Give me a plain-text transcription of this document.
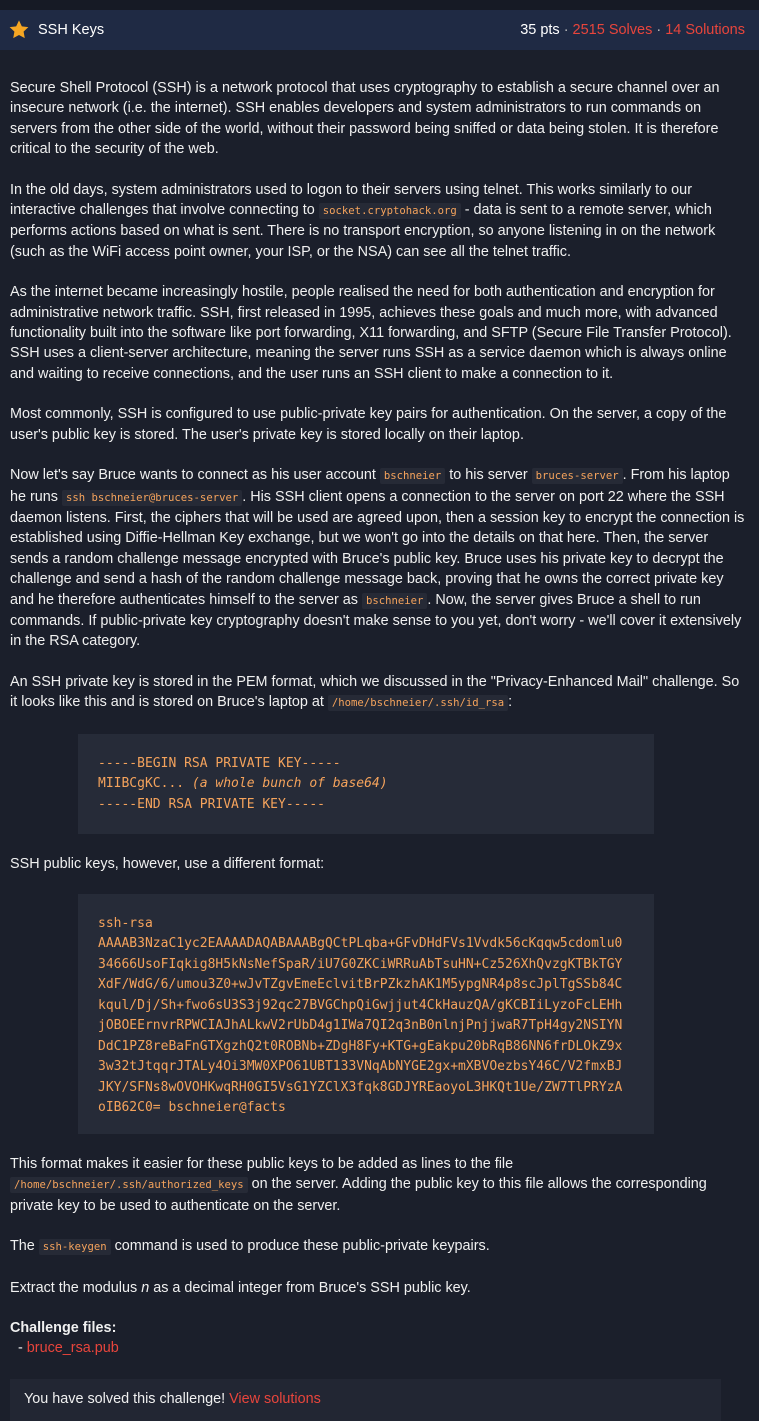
SSH Keys	35 pts · 2515 Solves · 14 Solutions

Secure Shell Protocol (SSH) is a network protocol that uses cryptography to establish a secure channel over an insecure network (i.e. the internet). SSH enables developers and system administrators to run commands on servers from the other side of the world, without their password being sniffed or data being stolen. It is therefore critical to the security of the web.

In the old days, system administrators used to logon to their servers using telnet. This works similarly to our interactive challenges that involve connecting to socket.cryptohack.org - data is sent to a remote server, which performs actions based on what is sent. There is no transport encryption, so anyone listening in on the network (such as the WiFi access point owner, your ISP, or the NSA) can see all the telnet traffic.

As the internet became increasingly hostile, people realised the need for both authentication and encryption for administrative network traffic. SSH, first released in 1995, achieves these goals and much more, with advanced functionality built into the software like port forwarding, X11 forwarding, and SFTP (Secure File Transfer Protocol). SSH uses a client-server architecture, meaning the server runs SSH as a service daemon which is always online and waiting to receive connections, and the user runs an SSH client to make a connection to it.

Most commonly, SSH is configured to use public-private key pairs for authentication. On the server, a copy of the user's public key is stored. The user's private key is stored locally on their laptop.

Now let's say Bruce wants to connect as his user account bschneier to his server bruces-server . From his laptop he runs ssh bschneier@bruces-server . His SSH client opens a connection to the server on port 22 where the SSH daemon listens. First, the ciphers that will be used are agreed upon, then a session key to encrypt the connection is established using Diffie-Hellman Key exchange, but we won't go into the details on that here. Then, the server sends a random challenge message encrypted with Bruce's public key. Bruce uses his private key to decrypt the challenge and send a hash of the random challenge message back, proving that he owns the correct private key and he therefore authenticates himself to the server as bschneier . Now, the server gives Bruce a shell to run commands. If public-private key cryptography doesn't make sense to you yet, don't worry - we'll cover it extensively in the RSA category.

An SSH private key is stored in the PEM format, which we discussed in the "Privacy-Enhanced Mail" challenge. So it looks like this and is stored on Bruce's laptop at /home/bschneier/.ssh/id_rsa :

-----BEGIN RSA PRIVATE KEY-----
MIIBCgKC... (a whole bunch of base64)
-----END RSA PRIVATE KEY-----

SSH public keys, however, use a different format:

ssh-rsa
AAAAB3NzaC1yc2EAAAADAQABAAABgQCtPLqba+GFvDHdFVs1Vvdk56cKqqw5cdomlu0
34666UsoFIqkig8H5kNsNefSpaR/iU7G0ZKCiWRRuAbTsuHN+Cz526XhQvzgKTBkTGY
XdF/WdG/6/umou3Z0+wJvTZgvEmeEclvitBrPZkzhAK1M5ypgNR4p8scJplTgSSb84C
kqul/Dj/Sh+fwo6sU3S3j92qc27BVGChpQiGwjjut4CkHauzQA/gKCBIiLyzoFcLEHh
jOBOEErnvrRPWCIAJhALkwV2rUbD4g1IWa7QI2q3nB0nlnjPnjjwaR7TpH4gy2NSIYN
DdC1PZ8reBaFnGTXgzhQ2t0ROBNb+ZDgH8Fy+KTG+gEakpu20bRqB86NN6frDLOkZ9x
3w32tJtqqrJTALy4Oi3MW0XPO61UBT133VNqAbNYGE2gx+mXBVOezbsY46C/V2fmxBJ
JKY/SFNs8wOVOHKwqRH0GI5VsG1YZClX3fqk8GDJYREaoyoL3HKQt1Ue/ZW7TlPRYzA
oIB62C0= bschneier@facts

This format makes it easier for these public keys to be added as lines to the file /home/bschneier/.ssh/authorized_keys on the server. Adding the public key to this file allows the corresponding private key to be used to authenticate on the server.

The ssh-keygen command is used to produce these public-private keypairs.

Extract the modulus n as a decimal integer from Bruce's SSH public key.

Challenge files:

- bruce_rsa.pub

You have solved this challenge! View solutions
